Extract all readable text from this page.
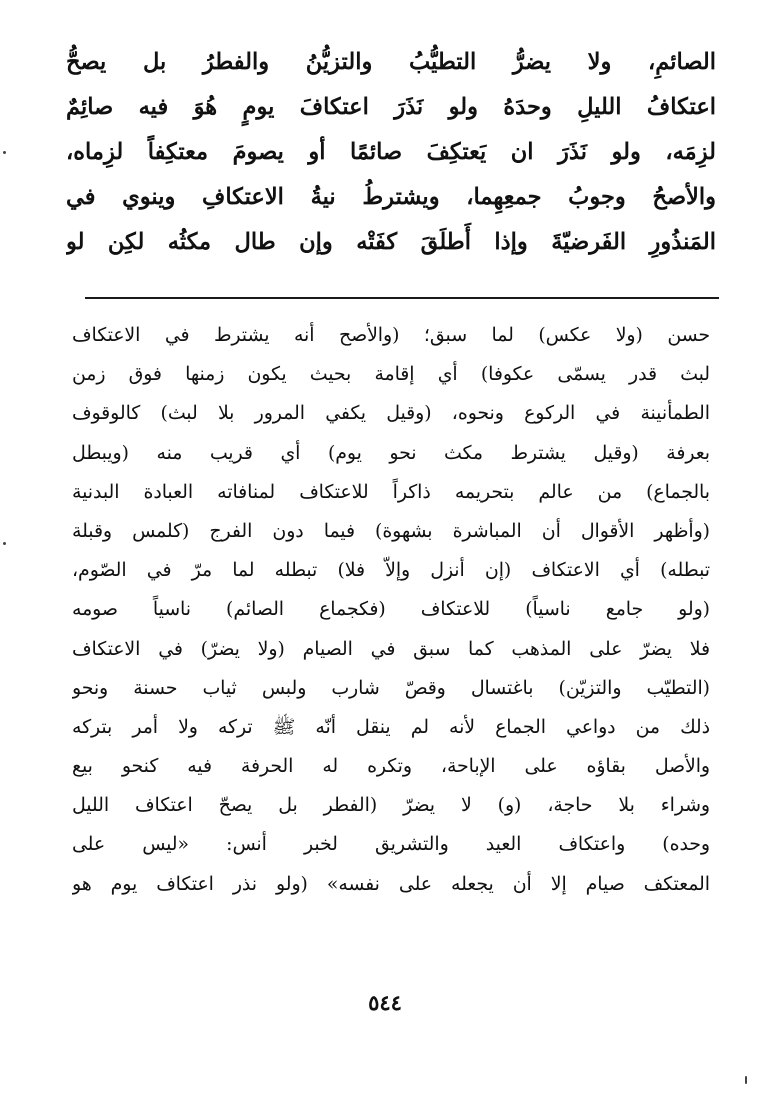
الصائمِ، ولا يضرُّ التطيُّبُ والتزيُّنُ والفطرُ بل يصحُّ
اعتكافُ الليلِ وحدَهُ ولو نَذَرَ اعتكافَ يومٍ هُوَ فيه صائِمٌ
لزِمَه، ولو نَذَرَ ان يَعتكِفَ صائمًا أو يصومَ معتكِفاً لزِماه،
والأصحُ وجوبُ جمعِهِما، ويشترطُ نيةُ الاعتكافِ وينوي في
المَنذُورِ الفَرضيّةَ وإذا أَطلَقَ كفَتْه وإن طال مكثُه لكِن لو
حسن (ولا عكس) لما سبق؛ (والأصح أنه يشترط في الاعتكاف
لبث قدر يسمّى عكوفا) أي إقامة بحيث يكون زمنها فوق زمن
الطمأنينة في الركوع ونحوه، (وقيل يكفي المرور بلا لبث) كالوقوف
بعرفة (وقيل يشترط مكث نحو يوم) أي قريب منه (ويبطل
بالجماع) من عالم بتحريمه ذاكراً للاعتكاف لمنافاته العبادة البدنية
(وأظهر الأقوال أن المباشرة بشهوة) فيما دون الفرج (كلمس وقبلة
تبطله) أي الاعتكاف (إن أنزل وإلاّ فلا) تبطله لما مرّ في الصّوم،
(ولو جامع ناسياً) للاعتكاف (فكجماع الصائم) ناسياً صومه
فلا يضرّ على المذهب كما سبق في الصيام (ولا يضرّ) في الاعتكاف
(التطيّب والتزيّن) باغتسال وقصّ شارب ولبس ثياب حسنة ونحو
ذلك من دواعي الجماع لأنه لم ينقل أنّه ﷺ تركه ولا أمر بتركه
والأصل بقاؤه على الإباحة، وتكره له الحرفة فيه كنحو بيع
وشراء بلا حاجة، (و) لا يضرّ (الفطر بل يصحّ اعتكاف الليل
وحده) واعتكاف العيد والتشريق لخبر أنس: «ليس على
المعتكف صيام إلا أن يجعله على نفسه» (ولو نذر اعتكاف يوم هو
٥٤٤
